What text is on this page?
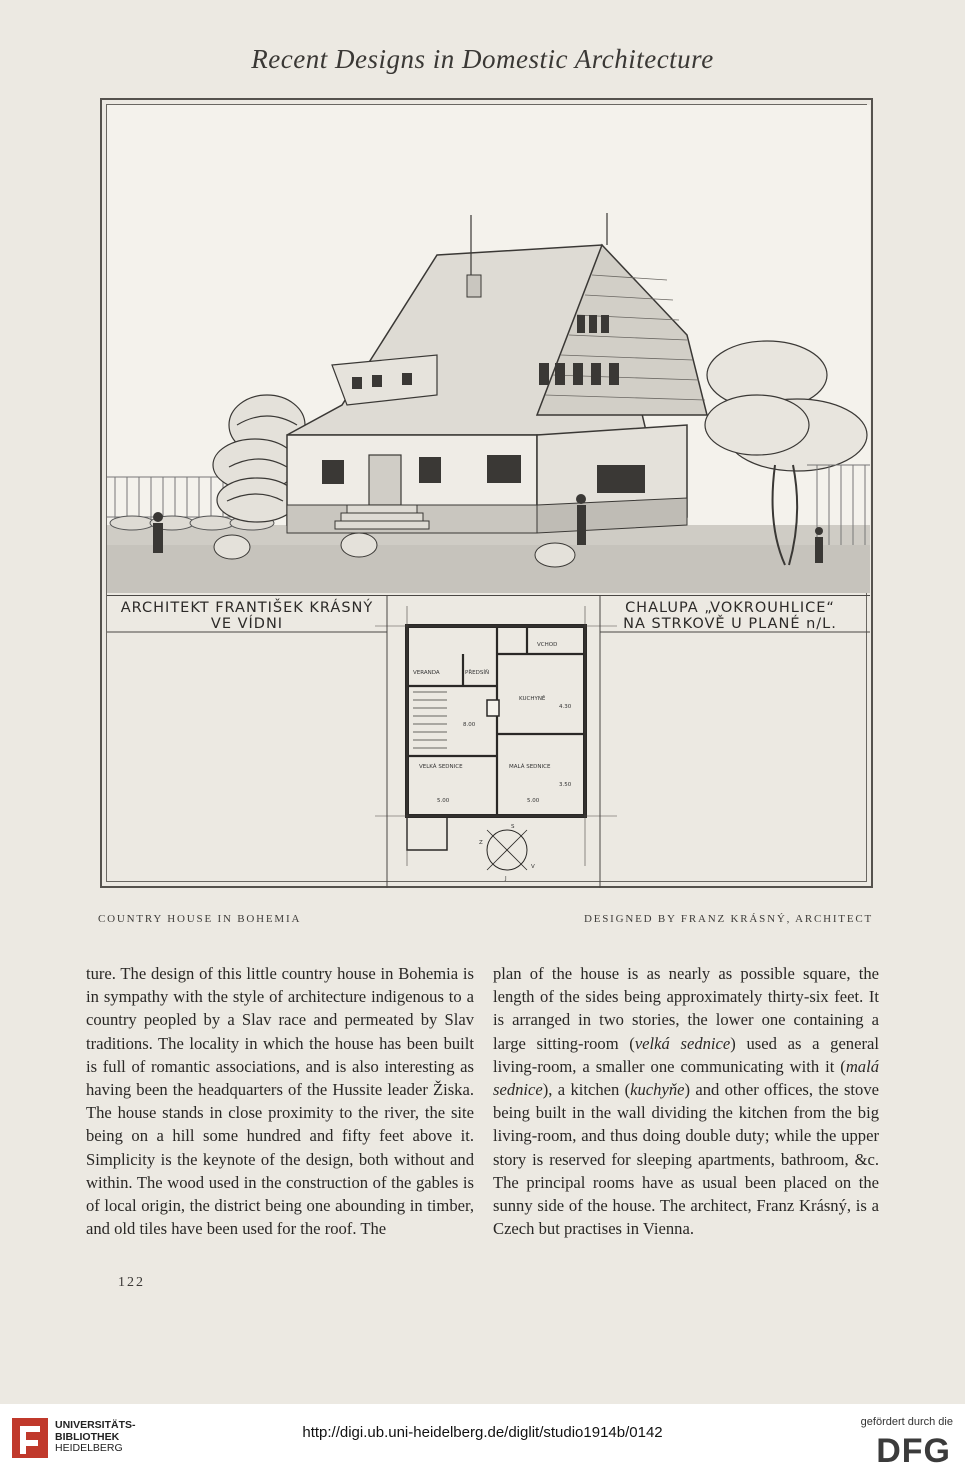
Recent Designs in Domestic Architecture
ARCHITEKT FRANTIŠEK KRÁSNÝ
VE VÍDNI
CHALUPA „VOKROUHLICE“
NA STRKOVĚ U PLANÉ n/L.
VERANDA	PŘEDSÍŇ
VCHOD
KUCHYNĚ
VELKÁ SEDNICE	MALÁ SEDNICE
5.00	5.00
8.00
4.30
3.50
V
S
J
Z
COUNTRY HOUSE IN BOHEMIA	DESIGNED BY FRANZ KRÁSNÝ, ARCHITECT

ture. The design of this little country house in Bohemia is in sympathy with the style of architecture indigenous to a country peopled by a Slav race and permeated by Slav traditions. The locality in which the house has been built is full of romantic associations, and is also interesting as having been the headquarters of the Hussite leader Žiska. The house stands in close proximity to the river, the site being on a hill some hundred and fifty feet above it. Simplicity is the keynote of the design, both without and within. The wood used in the construction of the gables is of local origin, the district being one abounding in timber, and old tiles have been used for the roof. The

plan of the house is as nearly as possible square, the length of the sides being approximately thirty-six feet. It is arranged in two stories, the lower one containing a large sitting-room (velká sednice) used as a general living-room, a smaller one communicating with it (malá sednice), a kitchen (kuchyňe) and other offices, the stove being built in the wall dividing the kitchen from the big living-room, and thus doing double duty; while the upper story is reserved for sleeping apartments, bathroom, &c. The principal rooms have as usual been placed on the sunny side of the house. The architect, Franz Krásný, is a Czech but practises in Vienna.

122
UNIVERSITÄTS-
BIBLIOTHEK
HEIDELBERG
http://digi.ub.uni-heidelberg.de/diglit/studio1914b/0142
gefördert durch die
DFG
